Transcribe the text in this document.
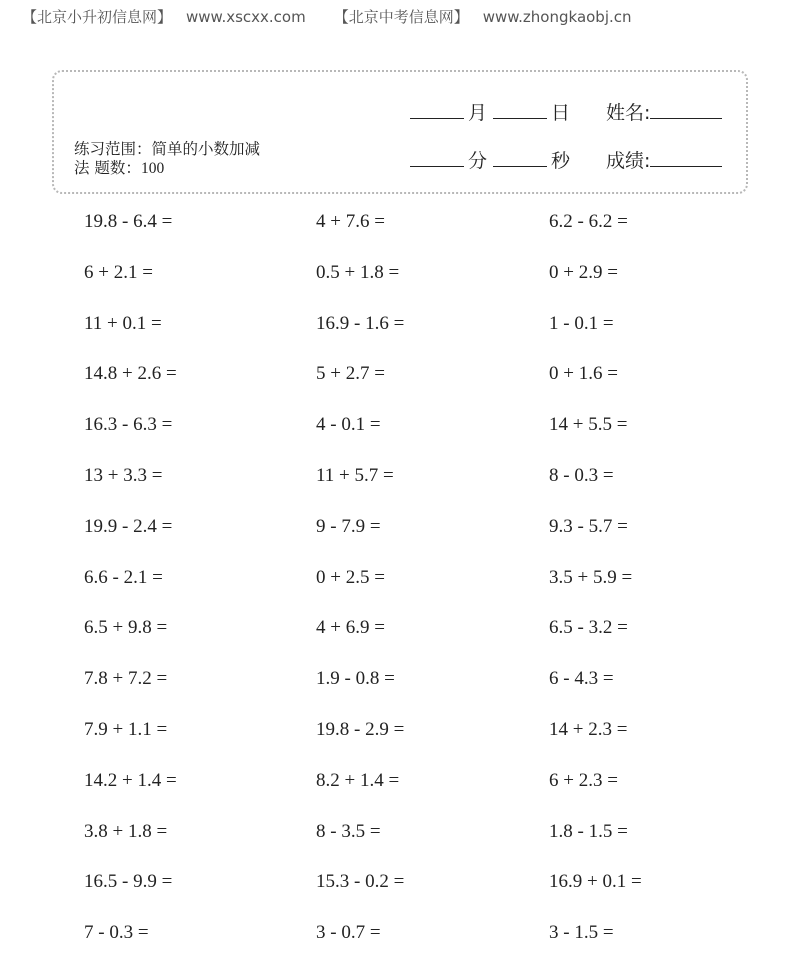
【北京小升初信息网】 www.xscxx.com 【北京中考信息网】 www.zhongkaobj.cn
练习范围：简单的小数加减
法 题数：100
月	日 姓名:
分	秒 成绩:
19.8 - 6.4 =	4 + 7.6 =	6.2 - 6.2 =
6 + 2.1 =	0.5 + 1.8 =	0 + 2.9 =
11 + 0.1 =	16.9 - 1.6 =	1 - 0.1 =
14.8 + 2.6 =	5 + 2.7 =	0 + 1.6 =
16.3 - 6.3 =	4 - 0.1 =	14 + 5.5 =
13 + 3.3 =	11 + 5.7 =	8 - 0.3 =
19.9 - 2.4 =	9 - 7.9 =	9.3 - 5.7 =
6.6 - 2.1 =	0 + 2.5 =	3.5 + 5.9 =
6.5 + 9.8 =	4 + 6.9 =	6.5 - 3.2 =
7.8 + 7.2 =	1.9 - 0.8 =	6 - 4.3 =
7.9 + 1.1 =	19.8 - 2.9 =	14 + 2.3 =
14.2 + 1.4 =	8.2 + 1.4 =	6 + 2.3 =
3.8 + 1.8 =	8 - 3.5 =	1.8 - 1.5 =
16.5 - 9.9 =	15.3 - 0.2 =	16.9 + 0.1 =
7 - 0.3 =	3 - 0.7 =	3 - 1.5 =
